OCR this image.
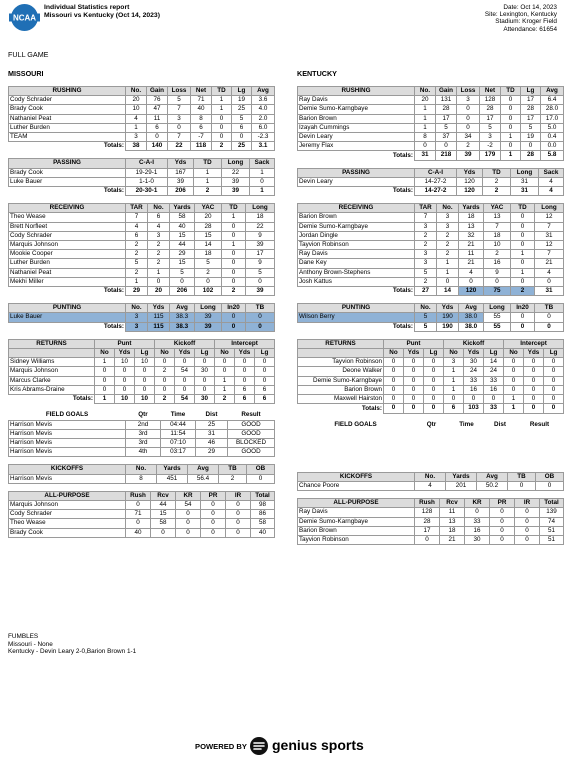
NCAA
Individual Statistics report
Missouri vs Kentucky (Oct 14, 2023)
Date: Oct 14, 2023
Site: Lexington, Kentucky
Stadium: Kroger Field
Attendance: 61654
FULL GAME
MISSOURI	KENTUCKY
RUSHING	No.	Gain	Loss	Net	TD	Lg	Avg
Cody Schrader	20	76	5	71	1	19	3.6
Brady Cook	10	47	7	40	1	25	4.0
Nathaniel Peat	4	11	3	8	0	5	2.0
Luther Burden	1	6	0	6	0	6	6.0
TEAM	3	0	7	-7	0	0	-2.3
Totals:	38	140	22	118	2	25	3.1
PASSING	C-A-I	Yds	TD	Long	Sack
Brady Cook	19-29-1	167	1	22	1
Luke Bauer	1-1-0	39	1	39	0
Totals:	20-30-1	206	2	39	1
RECEIVING	TAR	No.	Yards	YAC	TD	Long
Theo Wease	7	6	58	20	1	18
Brett Norfleet	4	4	40	28	0	22
Cody Schrader	6	3	15	15	0	9
Marquis Johnson	2	2	44	14	1	39
Mookie Cooper	2	2	29	18	0	17
Luther Burden	5	2	15	5	0	9
Nathaniel Peat	2	1	5	2	0	5
Mekhi Miller	1	0	0	0	0	0
Totals:	29	20	206	102	2	39
PUNTING	No.	Yds	Avg	Long	In20	TB
Luke Bauer	3	115	38.3	39	0	0
Totals:	3	115	38.3	39	0	0
RETURNS	Punt			Kickoff			Intercept		
	No	Yds	Lg	No	Yds	Lg	No	Yds	Lg
Sidney Williams	1	10	10	0	0	0	0	0	0
Marquis Johnson	0	0	0	2	54	30	0	0	0
Marcus Clarke	0	0	0	0	0	0	1	0	0
Kris Abrams-Draine	0	0	0	0	0	0	1	6	6
Totals:	1	10	10	2	54	30	2	6	6
FIELD GOALS	Qtr	Time	Dist	Result
Harrison Mevis	2nd	04:44	25	GOOD
Harrison Mevis	3rd	11:54	31	GOOD
Harrison Mevis	3rd	07:10	46	BLOCKED
Harrison Mevis	4th	03:17	29	GOOD
KICKOFFS	No.	Yards	Avg	TB	OB
Harrison Mevis	8	451	56.4	2	0
ALL-PURPOSE	Rush	Rcv	KR	PR	IR	Total
Marquis Johnson	0	44	54	0	0	98
Cody Schrader	71	15	0	0	0	86
Theo Wease	0	58	0	0	0	58
Brady Cook	40	0	0	0	0	40
RUSHING	No.	Gain	Loss	Net	TD	Lg	Avg
Ray Davis	20	131	3	128	0	17	6.4
Demie Sumo-Karngbaye	1	28	0	28	0	28	28.0
Barion Brown	1	17	0	17	0	17	17.0
Izayah Cummings	1	5	0	5	0	5	5.0
Devin Leary	8	37	34	3	1	19	0.4
Jeremy Flax	0	0	2	-2	0	0	0.0
Totals:	31	218	39	179	1	28	5.8
PASSING	C-A-I	Yds	TD	Long	Sack
Devin Leary	14-27-2	120	2	31	4
Totals:	14-27-2	120	2	31	4
RECEIVING	TAR	No.	Yards	YAC	TD	Long
Barion Brown	7	3	18	13	0	12
Demie Sumo-Karngbaye	3	3	13	7	0	7
Jordan Dingle	2	2	32	18	0	31
Tayvion Robinson	2	2	21	10	0	12
Ray Davis	3	2	11	2	1	7
Dane Key	3	1	21	16	0	21
Anthony Brown-Stephens	5	1	4	9	1	4
Josh Kattus	2	0	0	0	0	0
Totals:	27	14	120	75	2	31
PUNTING	No.	Yds	Avg	Long	In20	TB
Wilson Berry	5	190	38.0	55	0	0
Totals:	5	190	38.0	55	0	0
RETURNS	Punt			Kickoff			Intercept		
	No	Yds	Lg	No	Yds	Lg	No	Yds	Lg
Tayvion Robinson	0	0	0	3	30	14	0	0	0
Deone Walker	0	0	0	1	24	24	0	0	0
Demie Sumo-Karngbaye	0	0	0	1	33	33	0	0	0
Barion Brown	0	0	0	1	16	16	0	0	0
Maxwell Hairston	0	0	0	0	0	0	1	0	0
Totals:	0	0	0	6	103	33	1	0	0
FIELD GOALS	Qtr	Time	Dist	Result
KICKOFFS	No.	Yards	Avg	TB	OB
Chance Poore	4	201	50.2	0	0
ALL-PURPOSE	Rush	Rcv	KR	PR	IR	Total
Ray Davis	128	11	0	0	0	139
Demie Sumo-Karngbaye	28	13	33	0	0	74
Barion Brown	17	18	16	0	0	51
Tayvion Robinson	0	21	30	0	0	51
FUMBLES
Missouri - None
Kentucky - Devin Leary 2-0,Barion Brown 1-1
POWERED BY genius sports
